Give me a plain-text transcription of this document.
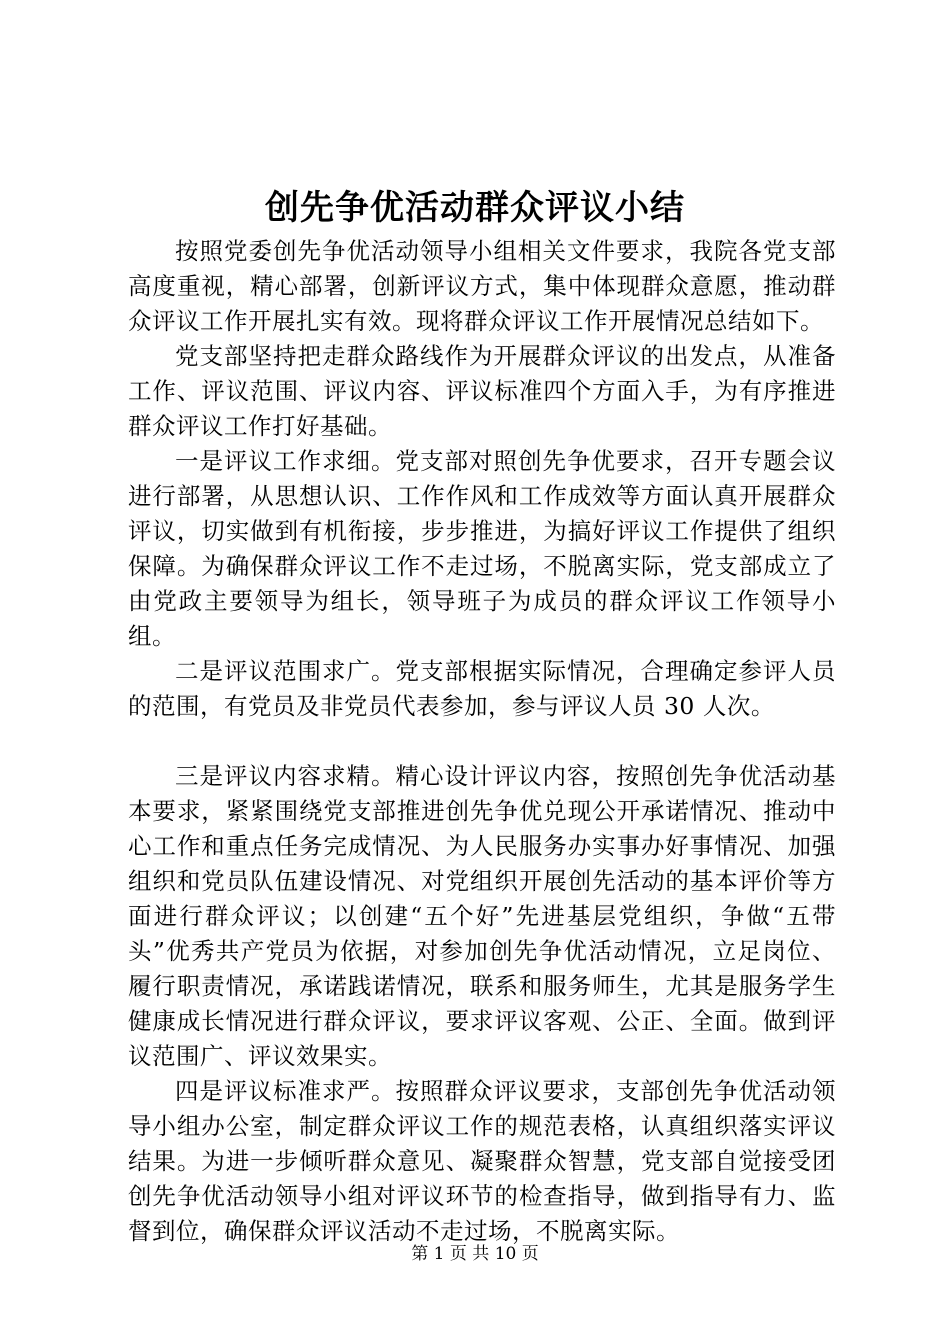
创先争优活动群众评议小结

按照党委创先争优活动领导小组相关文件要求，我院各党支部高度重视，精心部署，创新评议方式，集中体现群众意愿，推动群众评议工作开展扎实有效。现将群众评议工作开展情况总结如下。

党支部坚持把走群众路线作为开展群众评议的出发点，从准备工作、评议范围、评议内容、评议标准四个方面入手，为有序推进群众评议工作打好基础。

一是评议工作求细。党支部对照创先争优要求，召开专题会议进行部署，从思想认识、工作作风和工作成效等方面认真开展群众评议，切实做到有机衔接，步步推进，为搞好评议工作提供了组织保障。为确保群众评议工作不走过场，不脱离实际，党支部成立了由党政主要领导为组长，领导班子为成员的群众评议工作领导小组。

二是评议范围求广。党支部根据实际情况，合理确定参评人员的范围，有党员及非党员代表参加，参与评议人员 30 人次。

三是评议内容求精。精心设计评议内容，按照创先争优活动基本要求，紧紧围绕党支部推进创先争优兑现公开承诺情况、推动中心工作和重点任务完成情况、为人民服务办实事办好事情况、加强组织和党员队伍建设情况、对党组织开展创先活动的基本评价等方面进行群众评议；以创建“五个好”先进基层党组织，争做“五带头”优秀共产党员为依据，对参加创先争优活动情况，立足岗位、履行职责情况，承诺践诺情况，联系和服务师生，尤其是服务学生健康成长情况进行群众评议，要求评议客观、公正、全面。做到评议范围广、评议效果实。

四是评议标准求严。按照群众评议要求，支部创先争优活动领导小组办公室，制定群众评议工作的规范表格，认真组织落实评议结果。为进一步倾听群众意见、凝聚群众智慧，党支部自觉接受团创先争优活动领导小组对评议环节的检查指导，做到指导有力、监督到位，确保群众评议活动不走过场，不脱离实际。

第 1 页 共 10 页
